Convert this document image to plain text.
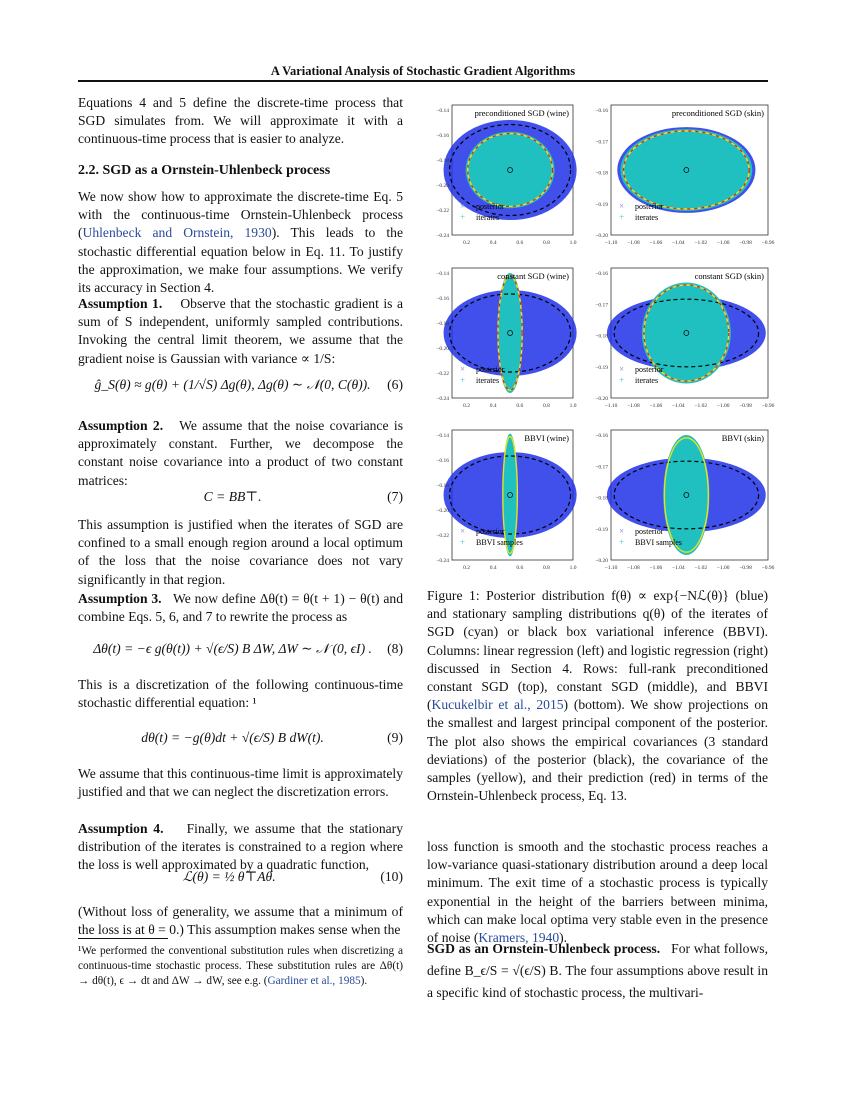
A Variational Analysis of Stochastic Gradient Algorithms
Equations 4 and 5 define the discrete-time process that SGD simulates from. We will approximate it with a continuous-time process that is easier to analyze.
2.2. SGD as a Ornstein-Uhlenbeck process
We now show how to approximate the discrete-time Eq. 5 with the continuous-time Ornstein-Uhlenbeck process (Uhlenbeck and Ornstein, 1930). This leads to the stochastic differential equation below in Eq. 11. To justify the approximation, we make four assumptions. We verify its accuracy in Section 4.
Assumption 1. Observe that the stochastic gradient is a sum of S independent, uniformly sampled contributions. Invoking the central limit theorem, we assume that the gradient noise is Gaussian with variance ∝ 1/S:
ĝ_S(θ) ≈ g(θ) + (1/√S) Δg(θ), Δg(θ) ∼ 𝒩(0, C(θ)).	(6)
Assumption 2. We assume that the noise covariance is approximately constant. Further, we decompose the constant noise covariance into a product of two constant matrices:
C = BB⊤.	(7)
This assumption is justified when the iterates of SGD are confined to a small enough region around a local optimum of the loss that the noise covariance does not vary significantly in that region.
Assumption 3. We now define Δθ(t) = θ(t + 1) − θ(t) and combine Eqs. 5, 6, and 7 to rewrite the process as
Δθ(t) = −ϵ g(θ(t)) + √(ϵ/S) B ΔW, ΔW ∼ 𝒩 (0, ϵI) .	(8)
This is a discretization of the following continuous-time stochastic differential equation: ¹
dθ(t) = −g(θ)dt + √(ϵ/S) B dW(t).	(9)
We assume that this continuous-time limit is approximately justified and that we can neglect the discretization errors.
Assumption 4. Finally, we assume that the stationary distribution of the iterates is constrained to a region where the loss is well approximated by a quadratic function,
ℒ(θ) = ½ θ⊤Aθ.	(10)
(Without loss of generality, we assume that a minimum of the loss is at θ = 0.) This assumption makes sense when the
¹We performed the conventional substitution rules when discretizing a continuous-time stochastic process. These substitution rules are Δθ(t) → dθ(t), ϵ → dt and ΔW → dW, see e.g. (Gardiner et al., 1985).
preconditioned SGD (wine)
0.2	0.4	0.6	0.8	1.0
−0.14
−0.16
−0.18
−0.20
−0.22
−0.24
× posterior
+ iterates
preconditioned SGD (skin)
−1.10 −1.08 −1.06 −1.04 −1.02 −1.00 −0.98 −0.96
−0.16
−0.17
−0.18
−0.19
−0.20
× posterior
+ iterates
constant SGD (wine)
0.2	0.4	0.6	0.8	1.0
−0.14
−0.16
−0.18
−0.20
−0.22
−0.24
× posterior
+ iterates
constant SGD (skin)
−1.10 −1.08 −1.06 −1.04 −1.02 −1.00 −0.98 −0.96
−0.16
−0.17
−0.18
−0.19
−0.20
× posterior
+ iterates
BBVI (wine)
0.2	0.4	0.6	0.8	1.0
−0.14
−0.16
−0.18
−0.20
−0.22
−0.24
× posterior
+ BBVI samples
BBVI (skin)
−1.10 −1.08 −1.06 −1.04 −1.02 −1.00 −0.98 −0.96
−0.16
−0.17
−0.18
−0.19
−0.20
× posterior
+ BBVI samples
Figure 1: Posterior distribution f(θ) ∝ exp{−Nℒ(θ)} (blue) and stationary sampling distributions q(θ) of the iterates of SGD (cyan) or black box variational inference (BBVI). Columns: linear regression (left) and logistic regression (right) discussed in Section 4. Rows: full-rank preconditioned constant SGD (top), constant SGD (middle), and BBVI (Kucukelbir et al., 2015) (bottom). We show projections on the smallest and largest principal component of the posterior. The plot also shows the empirical covariances (3 standard deviations) of the posterior (black), the covariance of the samples (yellow), and their prediction (red) in terms of the Ornstein-Uhlenbeck process, Eq. 13.
loss function is smooth and the stochastic process reaches a low-variance quasi-stationary distribution around a deep local minimum. The exit time of a stochastic process is typically exponential in the height of the barriers between minima, which can make local optima very stable even in the presence of noise (Kramers, 1940).
SGD as an Ornstein-Uhlenbeck process. For what follows, define B_ϵ/S = √(ϵ/S) B. The four assumptions above result in a specific kind of stochastic process, the multivari-
